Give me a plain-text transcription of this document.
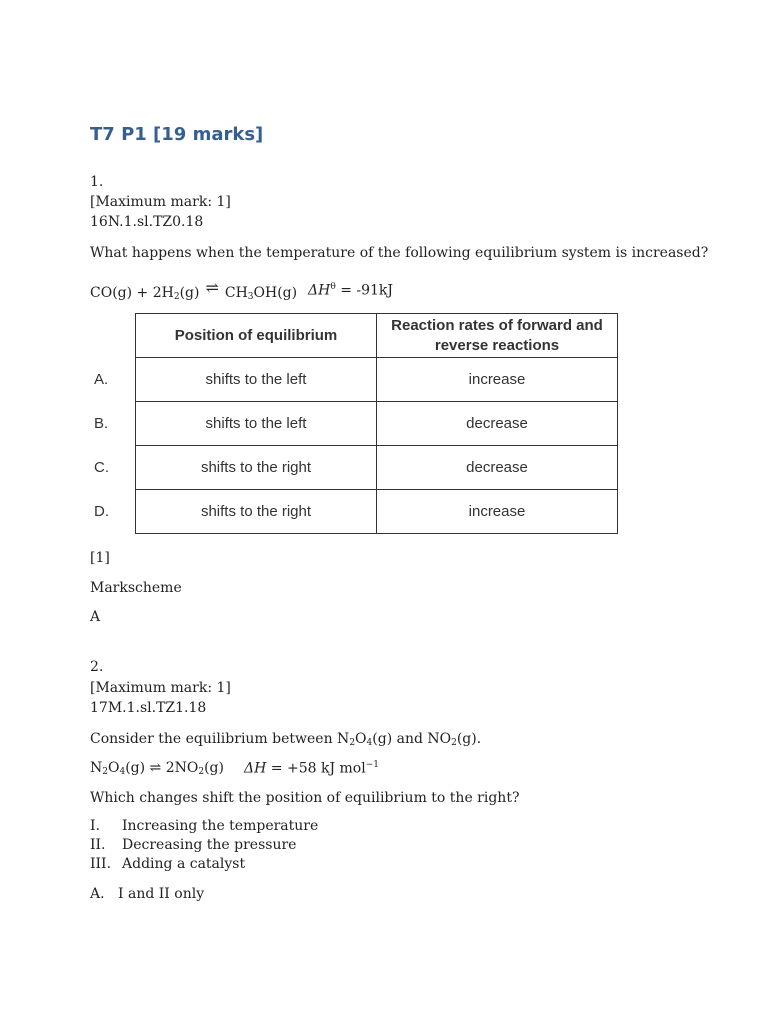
T7 P1 [19 marks]
1.
[Maximum mark: 1]
16N.1.sl.TZ0.18
What happens when the temperature of the following equilibrium system is increased?
$CO(g) + 2H_2(g)$ ⇌ $CH_3OH(g) \Delta H^\theta = -91kJ$
	Position of equilibrium	Reaction rates of forward and reverse reactions
A.	shifts to the left	increase
B.	shifts to the left	decrease
C.	shifts to the right	decrease
D.	shifts to the right	increase
[1]
Markscheme
A
2.
[Maximum mark: 1]
17M.1.sl.TZ1.18
Consider the equilibrium between $N_2O_4(g)$ and $NO_2(g)$.
$N_2O_4(g)$ ⇌ $2NO_2(g) \Delta H = +58$ kJ mol$^{-1}$
Which changes shift the position of equilibrium to the right?
I. Increasing the temperature
II. Decreasing the pressure
III. Adding a catalyst
A. I and II only
